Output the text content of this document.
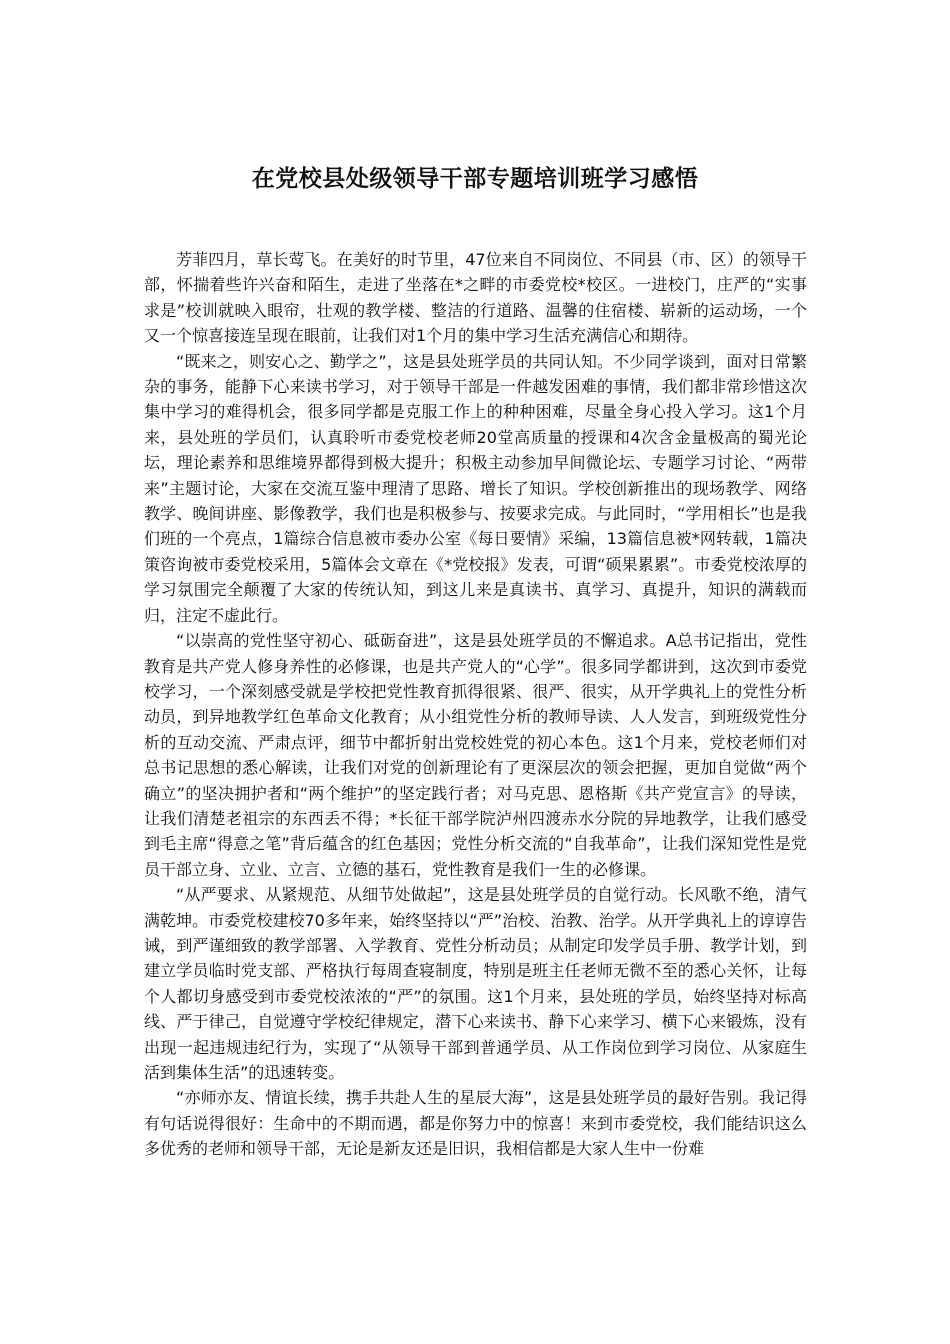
在党校县处级领导干部专题培训班学习感悟

芳菲四月，草长莺飞。在美好的时节里，47位来自不同岗位、不同县（市、区）的领导干部，怀揣着些许兴奋和陌生，走进了坐落在*之畔的市委党校*校区。一进校门，庄严的“实事求是”校训就映入眼帘，壮观的教学楼、整洁的行道路、温馨的住宿楼、崭新的运动场，一个又一个惊喜接连呈现在眼前，让我们对1个月的集中学习生活充满信心和期待。

“既来之，则安心之、勤学之”，这是县处班学员的共同认知。不少同学谈到，面对日常繁杂的事务，能静下心来读书学习，对于领导干部是一件越发困难的事情，我们都非常珍惜这次集中学习的难得机会，很多同学都是克服工作上的种种困难，尽量全身心投入学习。这1个月来，县处班的学员们，认真聆听市委党校老师20堂高质量的授课和4次含金量极高的蜀光论坛，理论素养和思维境界都得到极大提升；积极主动参加早间微论坛、专题学习讨论、“两带来”主题讨论，大家在交流互鉴中理清了思路、增长了知识。学校创新推出的现场教学、网络教学、晚间讲座、影像教学，我们也是积极参与、按要求完成。与此同时，“学用相长”也是我们班的一个亮点，1篇综合信息被市委办公室《每日要情》采编，13篇信息被*网转载，1篇决策咨询被市委党校采用，5篇体会文章在《*党校报》发表，可谓“硕果累累”。市委党校浓厚的学习氛围完全颠覆了大家的传统认知，到这儿来是真读书、真学习、真提升，知识的满载而归，注定不虚此行。

“以崇高的党性坚守初心、砥砺奋进”，这是县处班学员的不懈追求。A总书记指出，党性教育是共产党人修身养性的必修课，也是共产党人的“心学”。很多同学都讲到，这次到市委党校学习，一个深刻感受就是学校把党性教育抓得很紧、很严、很实，从开学典礼上的党性分析动员，到异地教学红色革命文化教育；从小组党性分析的教师导读、人人发言，到班级党性分析的互动交流、严肃点评，细节中都折射出党校姓党的初心本色。这1个月来，党校老师们对总书记思想的悉心解读，让我们对党的创新理论有了更深层次的领会把握，更加自觉做“两个确立”的坚决拥护者和“两个维护”的坚定践行者；对马克思、恩格斯《共产党宣言》的导读，让我们清楚老祖宗的东西丢不得；*长征干部学院泸州四渡赤水分院的异地教学，让我们感受到毛主席“得意之笔”背后蕴含的红色基因；党性分析交流的“自我革命”，让我们深知党性是党员干部立身、立业、立言、立德的基石，党性教育是我们一生的必修课。

“从严要求、从紧规范、从细节处做起”，这是县处班学员的自觉行动。长风歌不绝，清气满乾坤。市委党校建校70多年来，始终坚持以“严”治校、治教、治学。从开学典礼上的谆谆告诫，到严谨细致的教学部署、入学教育、党性分析动员；从制定印发学员手册、教学计划，到建立学员临时党支部、严格执行每周查寝制度，特别是班主任老师无微不至的悉心关怀，让每个人都切身感受到市委党校浓浓的“严”的氛围。这1个月来，县处班的学员，始终坚持对标高线、严于律己，自觉遵守学校纪律规定，潜下心来读书、静下心来学习、横下心来锻炼，没有出现一起违规违纪行为，实现了“从领导干部到普通学员、从工作岗位到学习岗位、从家庭生活到集体生活”的迅速转变。

“亦师亦友、情谊长续，携手共赴人生的星辰大海”，这是县处班学员的最好告别。我记得有句话说得很好：生命中的不期而遇，都是你努力中的惊喜！来到市委党校，我们能结识这么多优秀的老师和领导干部，无论是新友还是旧识，我相信都是大家人生中一份难
